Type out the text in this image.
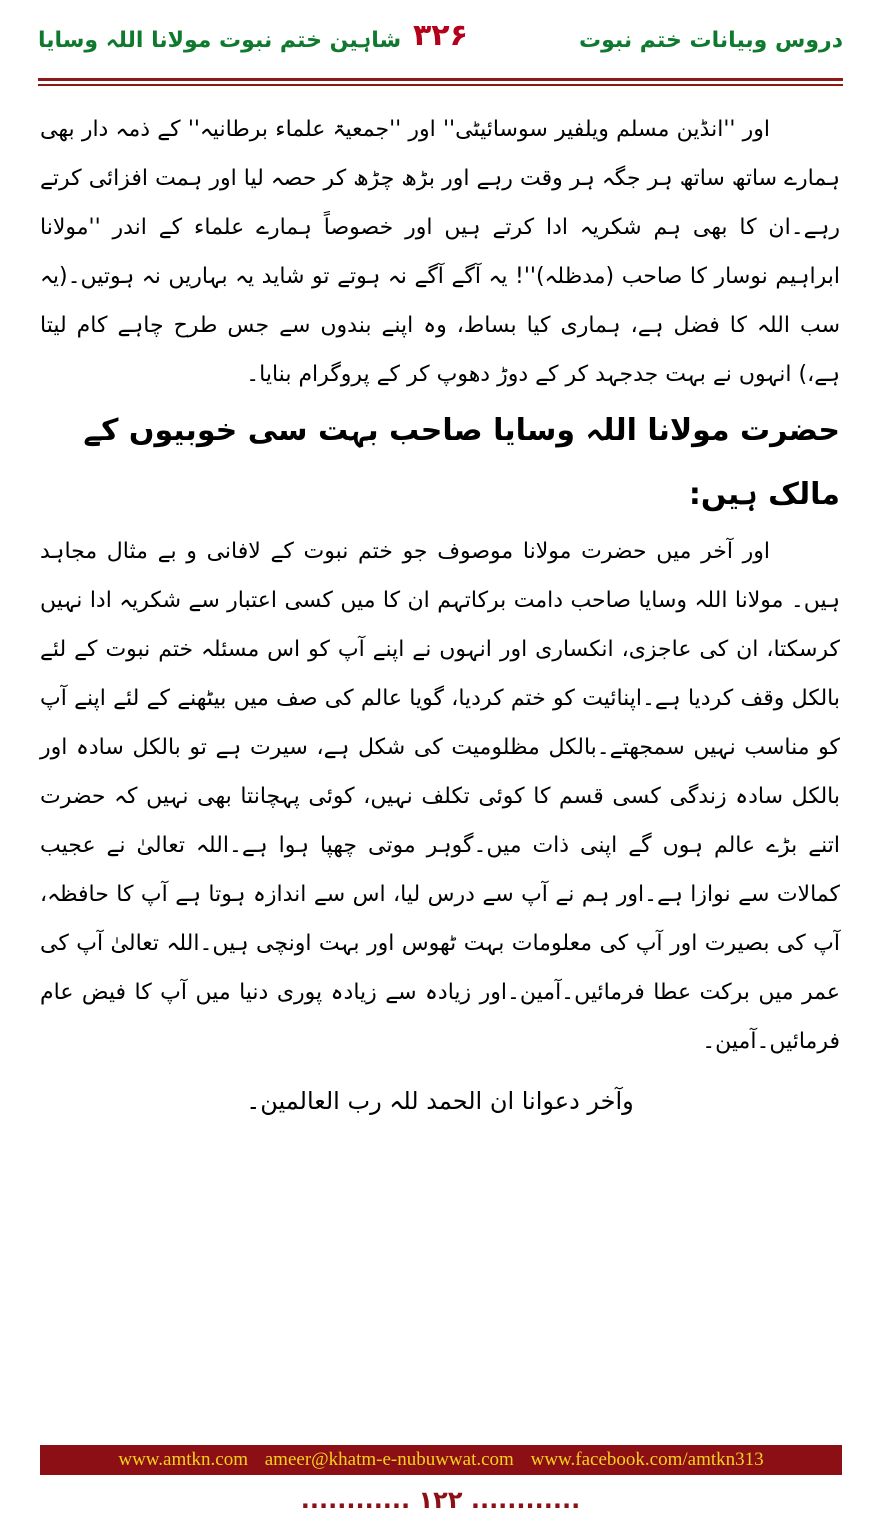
شاہین ختم نبوت مولانا اللہ وسایا ۳۲۶	دروس وبیانات ختم نبوت

اور ''انڈین مسلم ویلفیر سوسائیٹی'' اور ''جمعیۃ علماء برطانیہ'' کے ذمہ دار بھی ہمارے ساتھ ساتھ ہر جگہ ہر وقت رہے اور بڑھ چڑھ کر حصہ لیا اور ہمت افزائی کرتے رہے۔ان کا بھی ہم شکریہ ادا کرتے ہیں اور خصوصاً ہمارے علماء کے اندر ''مولانا ابراہیم نوسار کا صاحب (مدظلہ)''! یہ آگے آگے نہ ہوتے تو شاید یہ بہاریں نہ ہوتیں۔(یہ سب اللہ کا فضل ہے، ہماری کیا بساط، وہ اپنے بندوں سے جس طرح چاہے کام لیتا ہے،) انہوں نے بہت جدجہد کر کے دوڑ دھوپ کر کے پروگرام بنایا۔

حضرت مولانا اللہ وسایا صاحب بہت سی خوبیوں کے مالک ہیں:

اور آخر میں حضرت مولانا موصوف جو ختم نبوت کے لافانی و بے مثال مجاہد ہیں۔ مولانا اللہ وسایا صاحب دامت برکاتہم ان کا میں کسی اعتبار سے شکریہ ادا نہیں کرسکتا، ان کی عاجزی، انکساری اور انہوں نے اپنے آپ کو اس مسئلہ ختم نبوت کے لئے بالکل وقف کردیا ہے۔اپنائیت کو ختم کردیا، گویا عالم کی صف میں بیٹھنے کے لئے اپنے آپ کو مناسب نہیں سمجھتے۔بالکل مظلومیت کی شکل ہے، سیرت ہے تو بالکل سادہ اور بالکل سادہ زندگی کسی قسم کا کوئی تکلف نہیں، کوئی پہچانتا بھی نہیں کہ حضرت اتنے بڑے عالم ہوں گے اپنی ذات میں۔گوہر موتی چھپا ہوا ہے۔اللہ تعالیٰ نے عجیب کمالات سے نوازا ہے۔اور ہم نے آپ سے درس لیا، اس سے اندازہ ہوتا ہے آپ کا حافظہ، آپ کی بصیرت اور آپ کی معلومات بہت ٹھوس اور بہت اونچی ہیں۔اللہ تعالیٰ آپ کی عمر میں برکت عطا فرمائیں۔آمین۔اور زیادہ سے زیادہ پوری دنیا میں آپ کا فیض عام فرمائیں۔آمین۔

وآخر دعوانا ان الحمد للہ رب العالمین۔

www.amtkn.com ameer@khatm-e-nubuwwat.com www.facebook.com/amtkn313
............ ۱۲۲ ............
